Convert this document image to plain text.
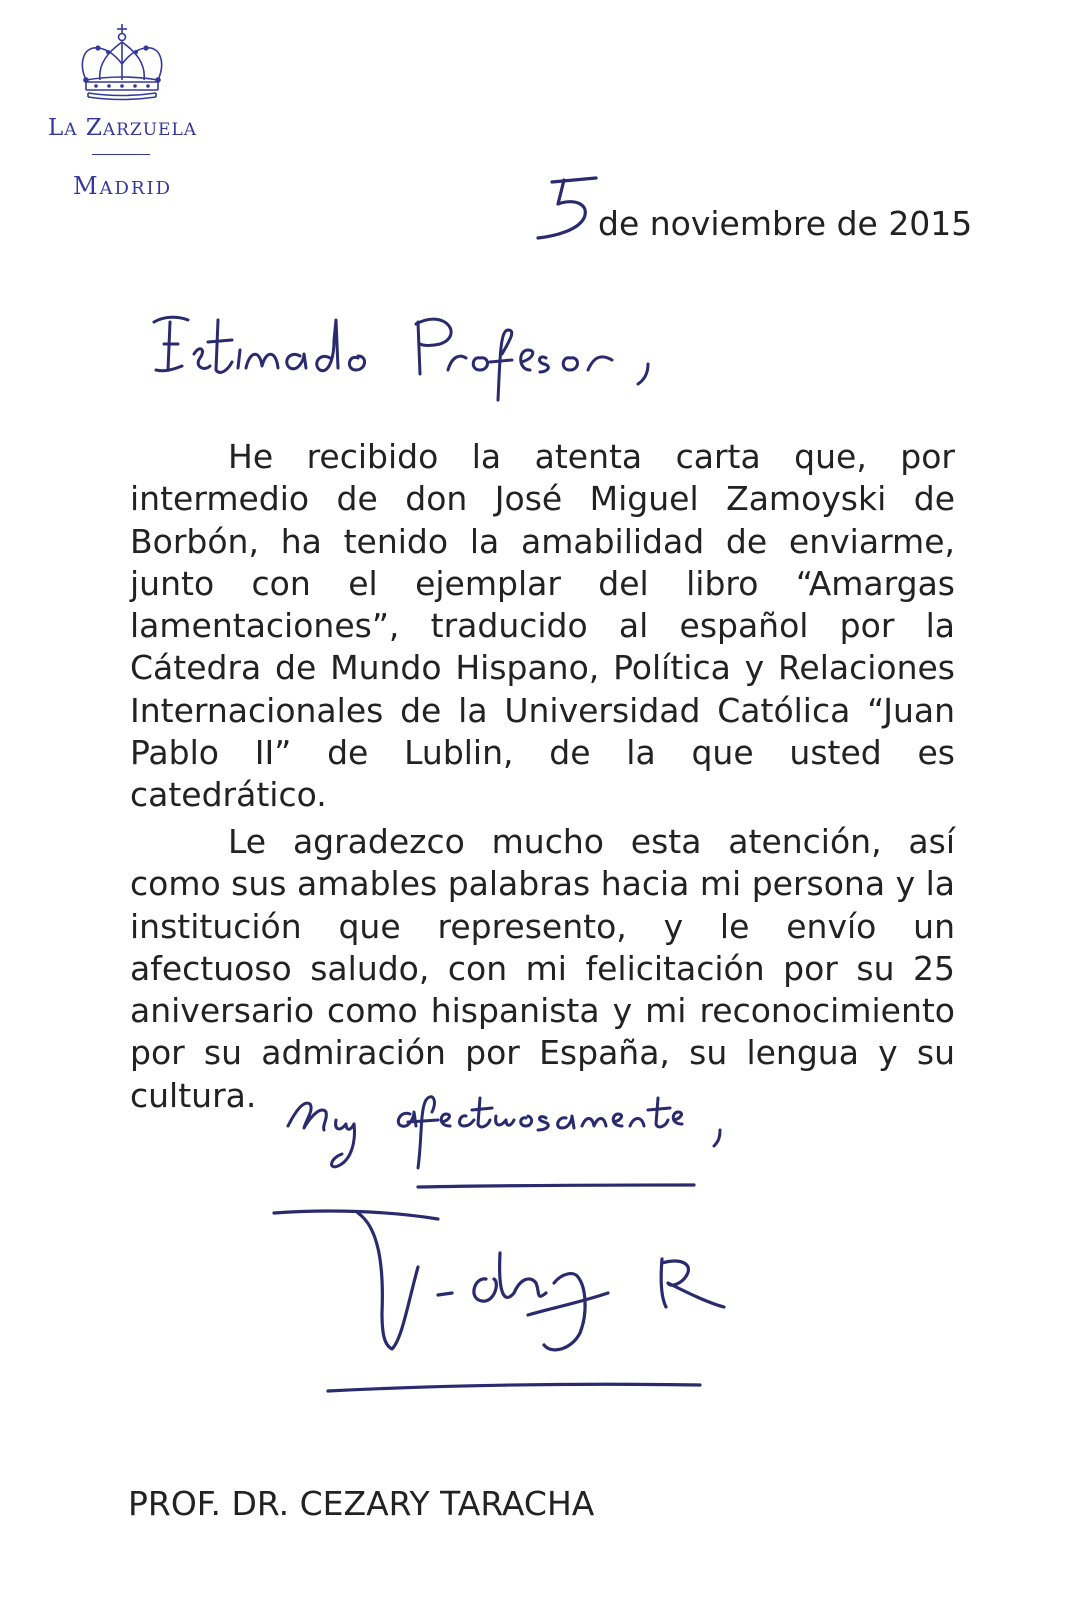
LA ZARZUELA
MADRID
de noviembre de 2015

He recibido la atenta carta que, por intermedio de don José Miguel Zamoyski de Borbón, ha tenido la amabilidad de enviarme, junto con el ejemplar del libro “Amargas lamentaciones”, traducido al español por la Cátedra de Mundo Hispano, Política y Relaciones Internacionales de la Universidad Católica “Juan Pablo II” de Lublin, de la que usted es catedrático.

Le agradezco mucho esta atención, así como sus amables palabras hacia mi persona y la institución que represento, y le envío un afectuoso saludo, con mi felicitación por su 25 aniversario como hispanista y mi reconocimiento por su admiración por España, su lengua y su cultura.

PROF. DR. CEZARY TARACHA
